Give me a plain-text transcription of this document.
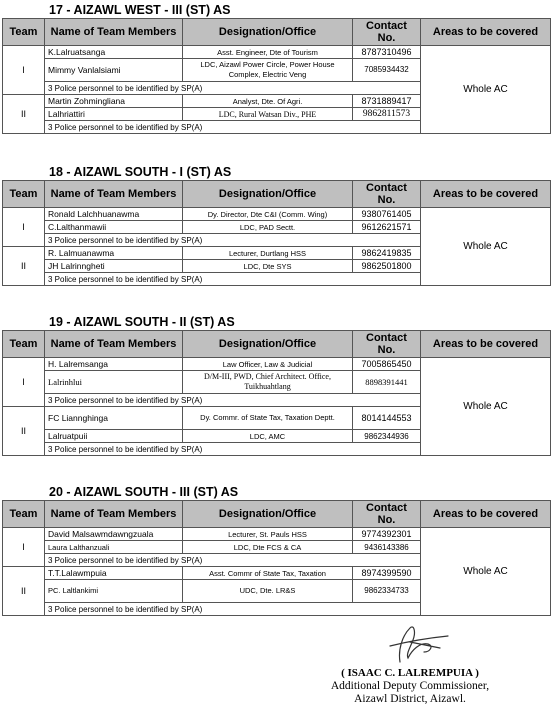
17 - AIZAWL WEST - III (ST) AS
Team	Name of Team Members	Designation/Office	Contact No.	Areas to be covered
I	K.Lalruatsanga	Asst. Engineer, Dte of Tourism	8787310496	Whole AC
	Mimmy Vanlalsiami	LDC, Aizawl Power Circle, Power House Complex, Electric Veng	7085934432	
	3 Police personnel to be identified by SP(A)			
II	Martin Zohmingliana	Analyst, Dte. Of Agri.	8731889417	
	Lalhriattiri	LDC, Rural Watsan Div., PHE	9862811573	
	3 Police personnel to be identified by SP(A)			
18 - AIZAWL SOUTH - I (ST) AS
Team	Name of Team Members	Designation/Office	Contact No.	Areas to be covered
I	Ronald Lalchhuanawma	Dy. Director, Dte C&I (Comm. Wing)	9380761405	Whole AC
	C.Lalthanmawii	LDC, PAD Sectt.	9612621571	
	3 Police personnel to be identified by SP(A)			
II	R. Lalmuanawma	Lecturer, Durtlang HSS	9862419835	
	JH Lalrinngheti	LDC, Dte SYS	9862501800	
	3 Police personnel to be identified by SP(A)			
19 - AIZAWL SOUTH - II (ST) AS
Team	Name of Team Members	Designation/Office	Contact No.	Areas to be covered
I	H. Lalremsanga	Law Officer, Law & Judicial	7005865450	Whole AC
	Lalrinhlui	D/M-III, PWD, Chief Architect. Office, Tuikhuahtlang	8898391441	
	3 Police personnel to be identified by SP(A)			
II	FC Liannghinga	Dy. Commr. of State Tax, Taxation Deptt.	8014144553	
	Lalruatpuii	LDC, AMC	9862344936	
	3 Police personnel to be identified by SP(A)			
20 - AIZAWL SOUTH - III (ST) AS
Team	Name of Team Members	Designation/Office	Contact No.	Areas to be covered
I	David Malsawmdawngzuala	Lecturer, St. Pauls HSS	9774392301	Whole AC
	Laura Lalthanzuali	LDC, Dte FCS & CA	9436143386	
	3 Police personnel to be identified by SP(A)			
II	T.T.Lalawmpuia	Asst. Commr of State Tax, Taxation	8974399590	
	PC. Laltlankimi	UDC, Dte. LR&S	9862334733	
	3 Police personnel to be identified by SP(A)			
( ISAAC C. LALREMPUIA )
Additional Deputy Commissioner,
Aizawl District, Aizawl.
